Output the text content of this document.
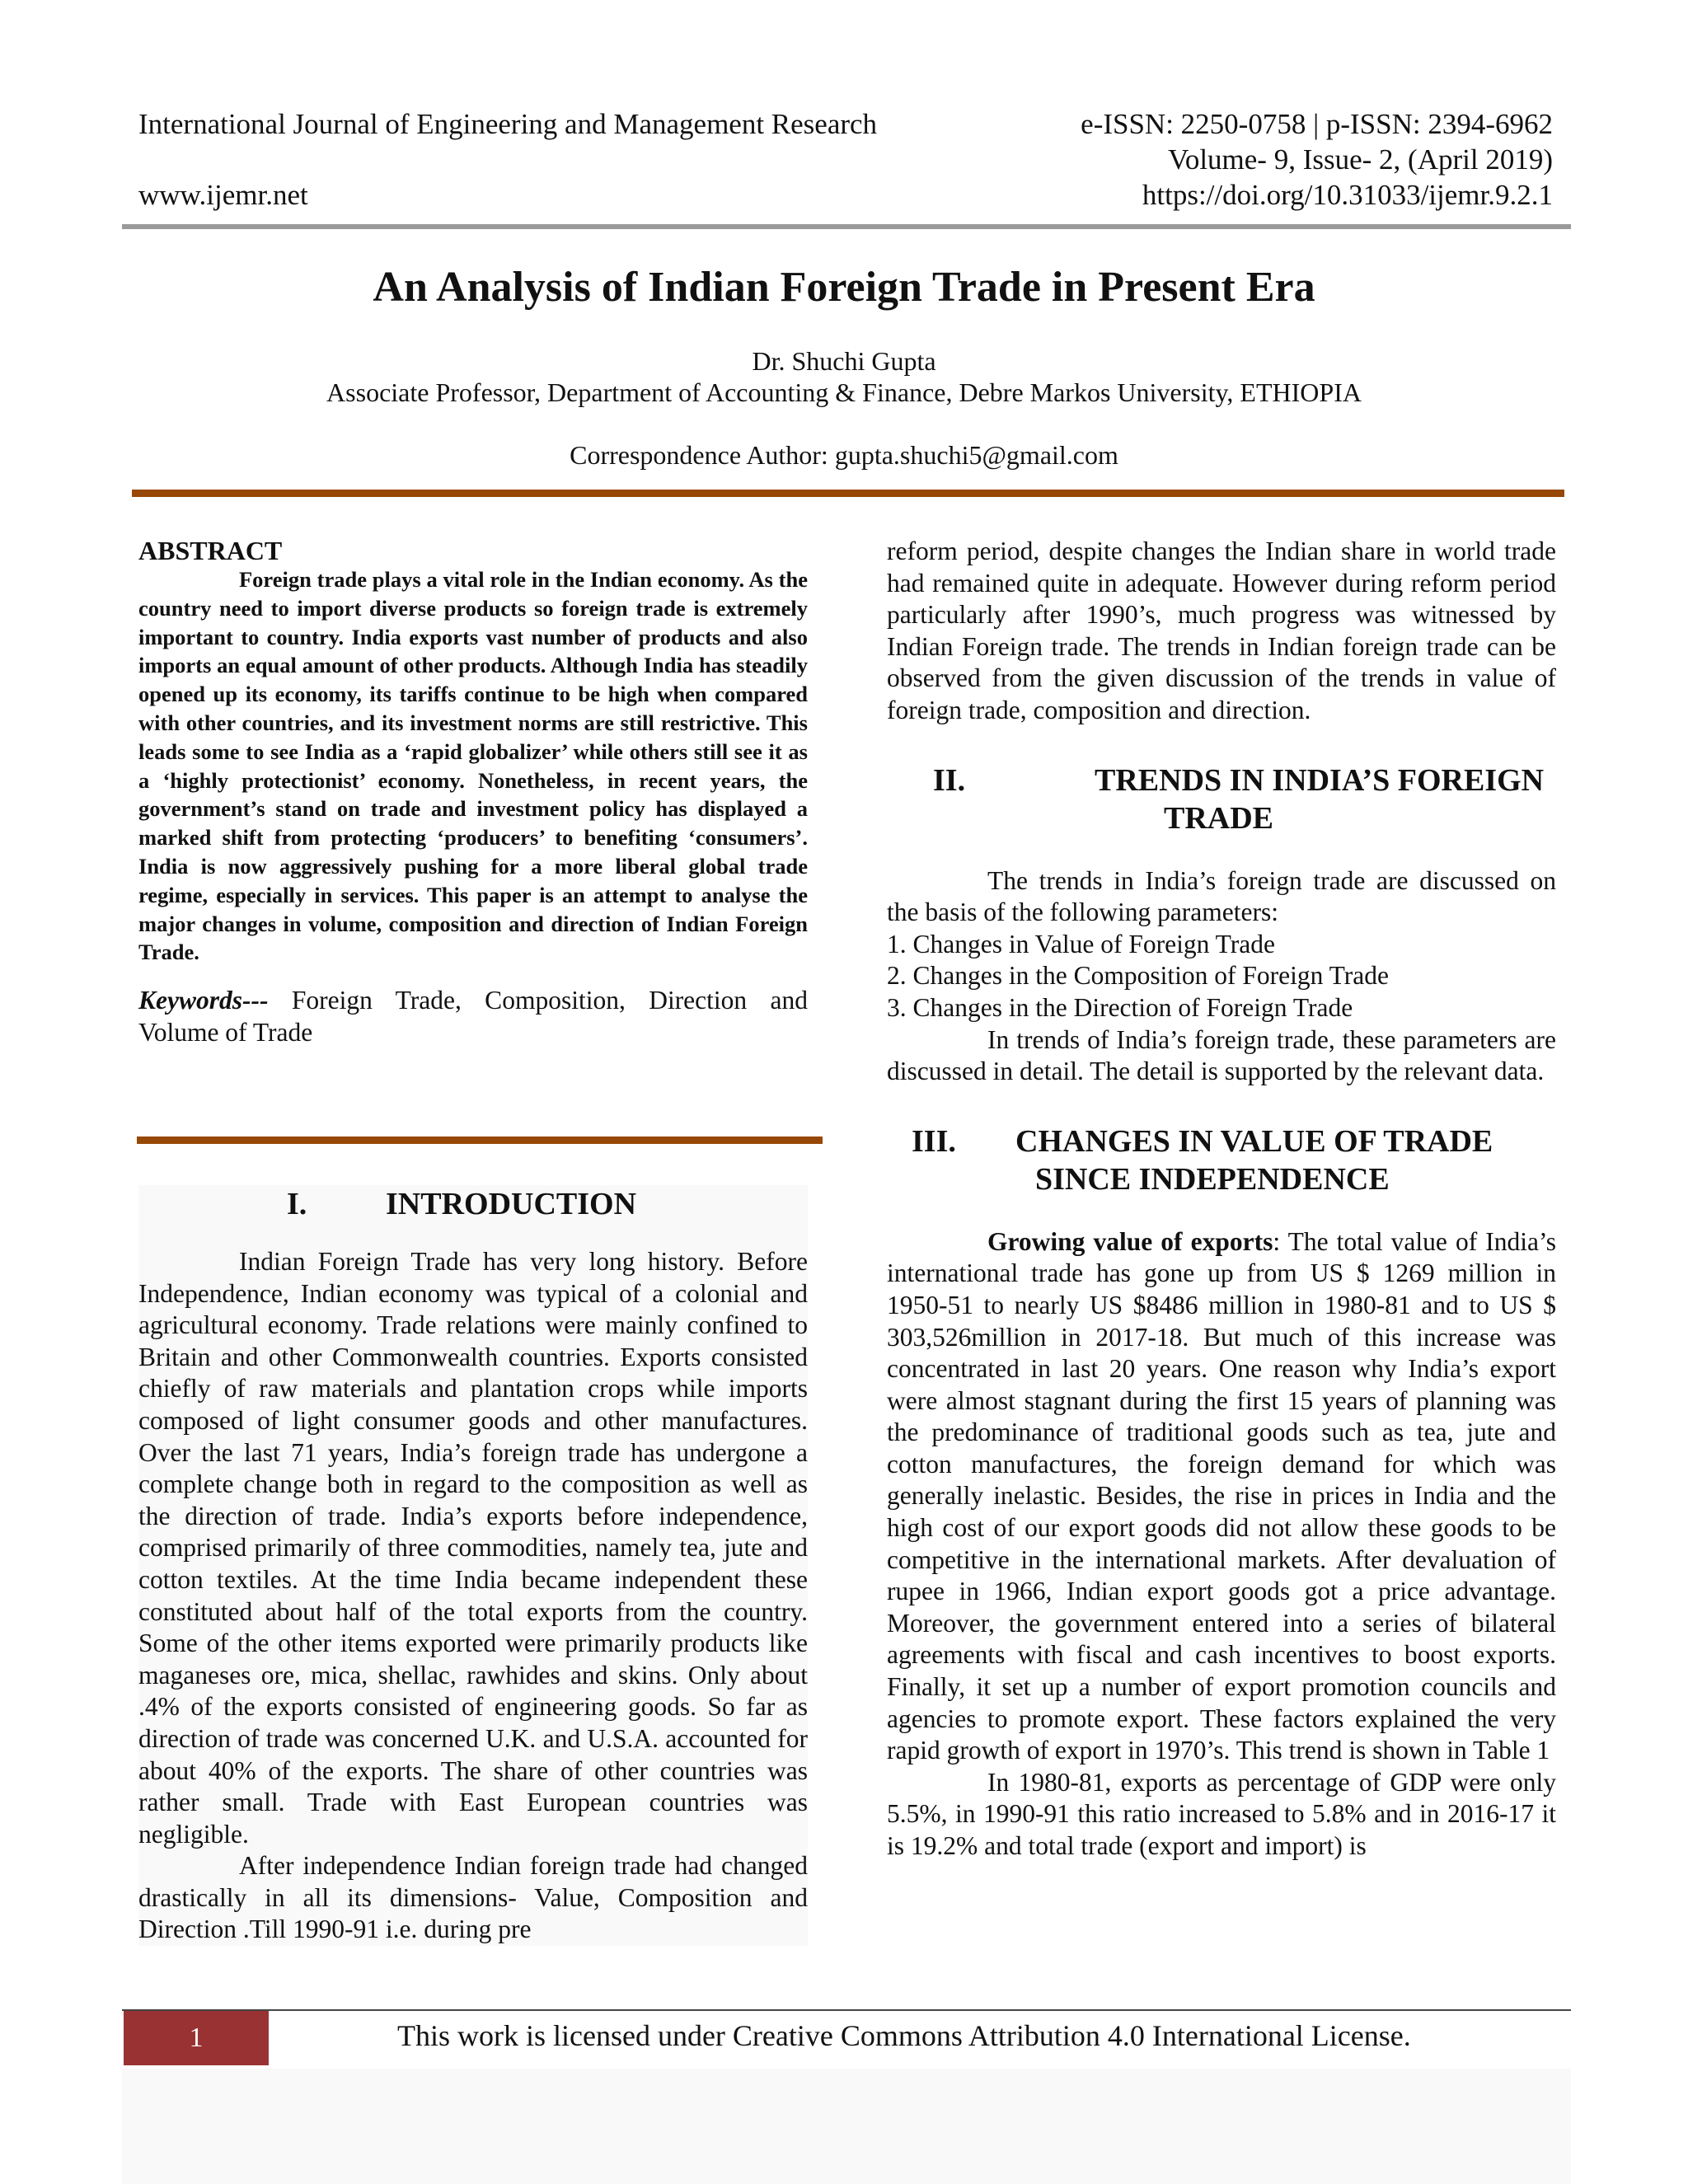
International Journal of Engineering and Management Research
www.ijemr.net
e-ISSN: 2250-0758 | p-ISSN: 2394-6962
Volume- 9, Issue- 2, (April 2019)
https://doi.org/10.31033/ijemr.9.2.1
An Analysis of Indian Foreign Trade in Present Era
Dr. Shuchi Gupta
Associate Professor, Department of Accounting & Finance, Debre Markos University, ETHIOPIA
Correspondence Author: gupta.shuchi5@gmail.com
ABSTRACT

Foreign trade plays a vital role in the Indian economy. As the country need to import diverse products so foreign trade is extremely important to country. India exports vast number of products and also imports an equal amount of other products. Although India has steadily opened up its economy, its tariffs continue to be high when compared with other countries, and its investment norms are still restrictive. This leads some to see India as a ‘rapid globalizer’ while others still see it as a ‘highly protectionist’ economy. Nonetheless, in recent years, the government’s stand on trade and investment policy has displayed a marked shift from protecting ‘producers’ to benefiting ‘consumers’. India is now aggressively pushing for a more liberal global trade regime, especially in services. This paper is an attempt to analyse the major changes in volume, composition and direction of Indian Foreign Trade.

Keywords--- Foreign Trade, Composition, Direction and Volume of Trade

I.	INTRODUCTION

Indian Foreign Trade has very long history. Before Independence, Indian economy was typical of a colonial and agricultural economy. Trade relations were mainly confined to Britain and other Commonwealth countries. Exports consisted chiefly of raw materials and plantation crops while imports composed of light consumer goods and other manufactures. Over the last 71 years, India’s foreign trade has undergone a complete change both in regard to the composition as well as the direction of trade. India’s exports before independence, comprised primarily of three commodities, namely tea, jute and cotton textiles. At the time India became independent these constituted about half of the total exports from the country. Some of the other items exported were primarily products like maganeses ore, mica, shellac, rawhides and skins. Only about .4% of the exports consisted of engineering goods. So far as direction of trade was concerned U.K. and U.S.A. accounted for about 40% of the exports. The share of other countries was rather small. Trade with East European countries was negligible.

After independence Indian foreign trade had changed drastically in all its dimensions- Value, Composition and Direction .Till 1990-91 i.e. during pre

reform period, despite changes the Indian share in world trade had remained quite in adequate. However during reform period particularly after 1990’s, much progress was witnessed by Indian Foreign trade. The trends in Indian foreign trade can be observed from the given discussion of the trends in value of foreign trade, composition and direction.

II.	TRENDS IN INDIA’S FOREIGN
TRADE

The trends in India’s foreign trade are discussed on the basis of the following parameters:

1. Changes in Value of Foreign Trade

2. Changes in the Composition of Foreign Trade

3. Changes in the Direction of Foreign Trade

In trends of India’s foreign trade, these parameters are discussed in detail. The detail is supported by the relevant data.

III. CHANGES IN VALUE OF TRADE
SINCE INDEPENDENCE

Growing value of exports: The total value of India’s international trade has gone up from US $ 1269 million in 1950-51 to nearly US $8486 million in 1980-81 and to US $ 303,526million in 2017-18. But much of this increase was concentrated in last 20 years. One reason why India’s export were almost stagnant during the first 15 years of planning was the predominance of traditional goods such as tea, jute and cotton manufactures, the foreign demand for which was generally inelastic. Besides, the rise in prices in India and the high cost of our export goods did not allow these goods to be competitive in the international markets. After devaluation of rupee in 1966, Indian export goods got a price advantage. Moreover, the government entered into a series of bilateral agreements with fiscal and cash incentives to boost exports. Finally, it set up a number of export promotion councils and agencies to promote export. These factors explained the very rapid growth of export in 1970’s. This trend is shown in Table 1

In 1980-81, exports as percentage of GDP were only 5.5%, in 1990-91 this ratio increased to 5.8% and in 2016-17 it is 19.2% and total trade (export and import) is

1	This work is licensed under Creative Commons Attribution 4.0 International License.
